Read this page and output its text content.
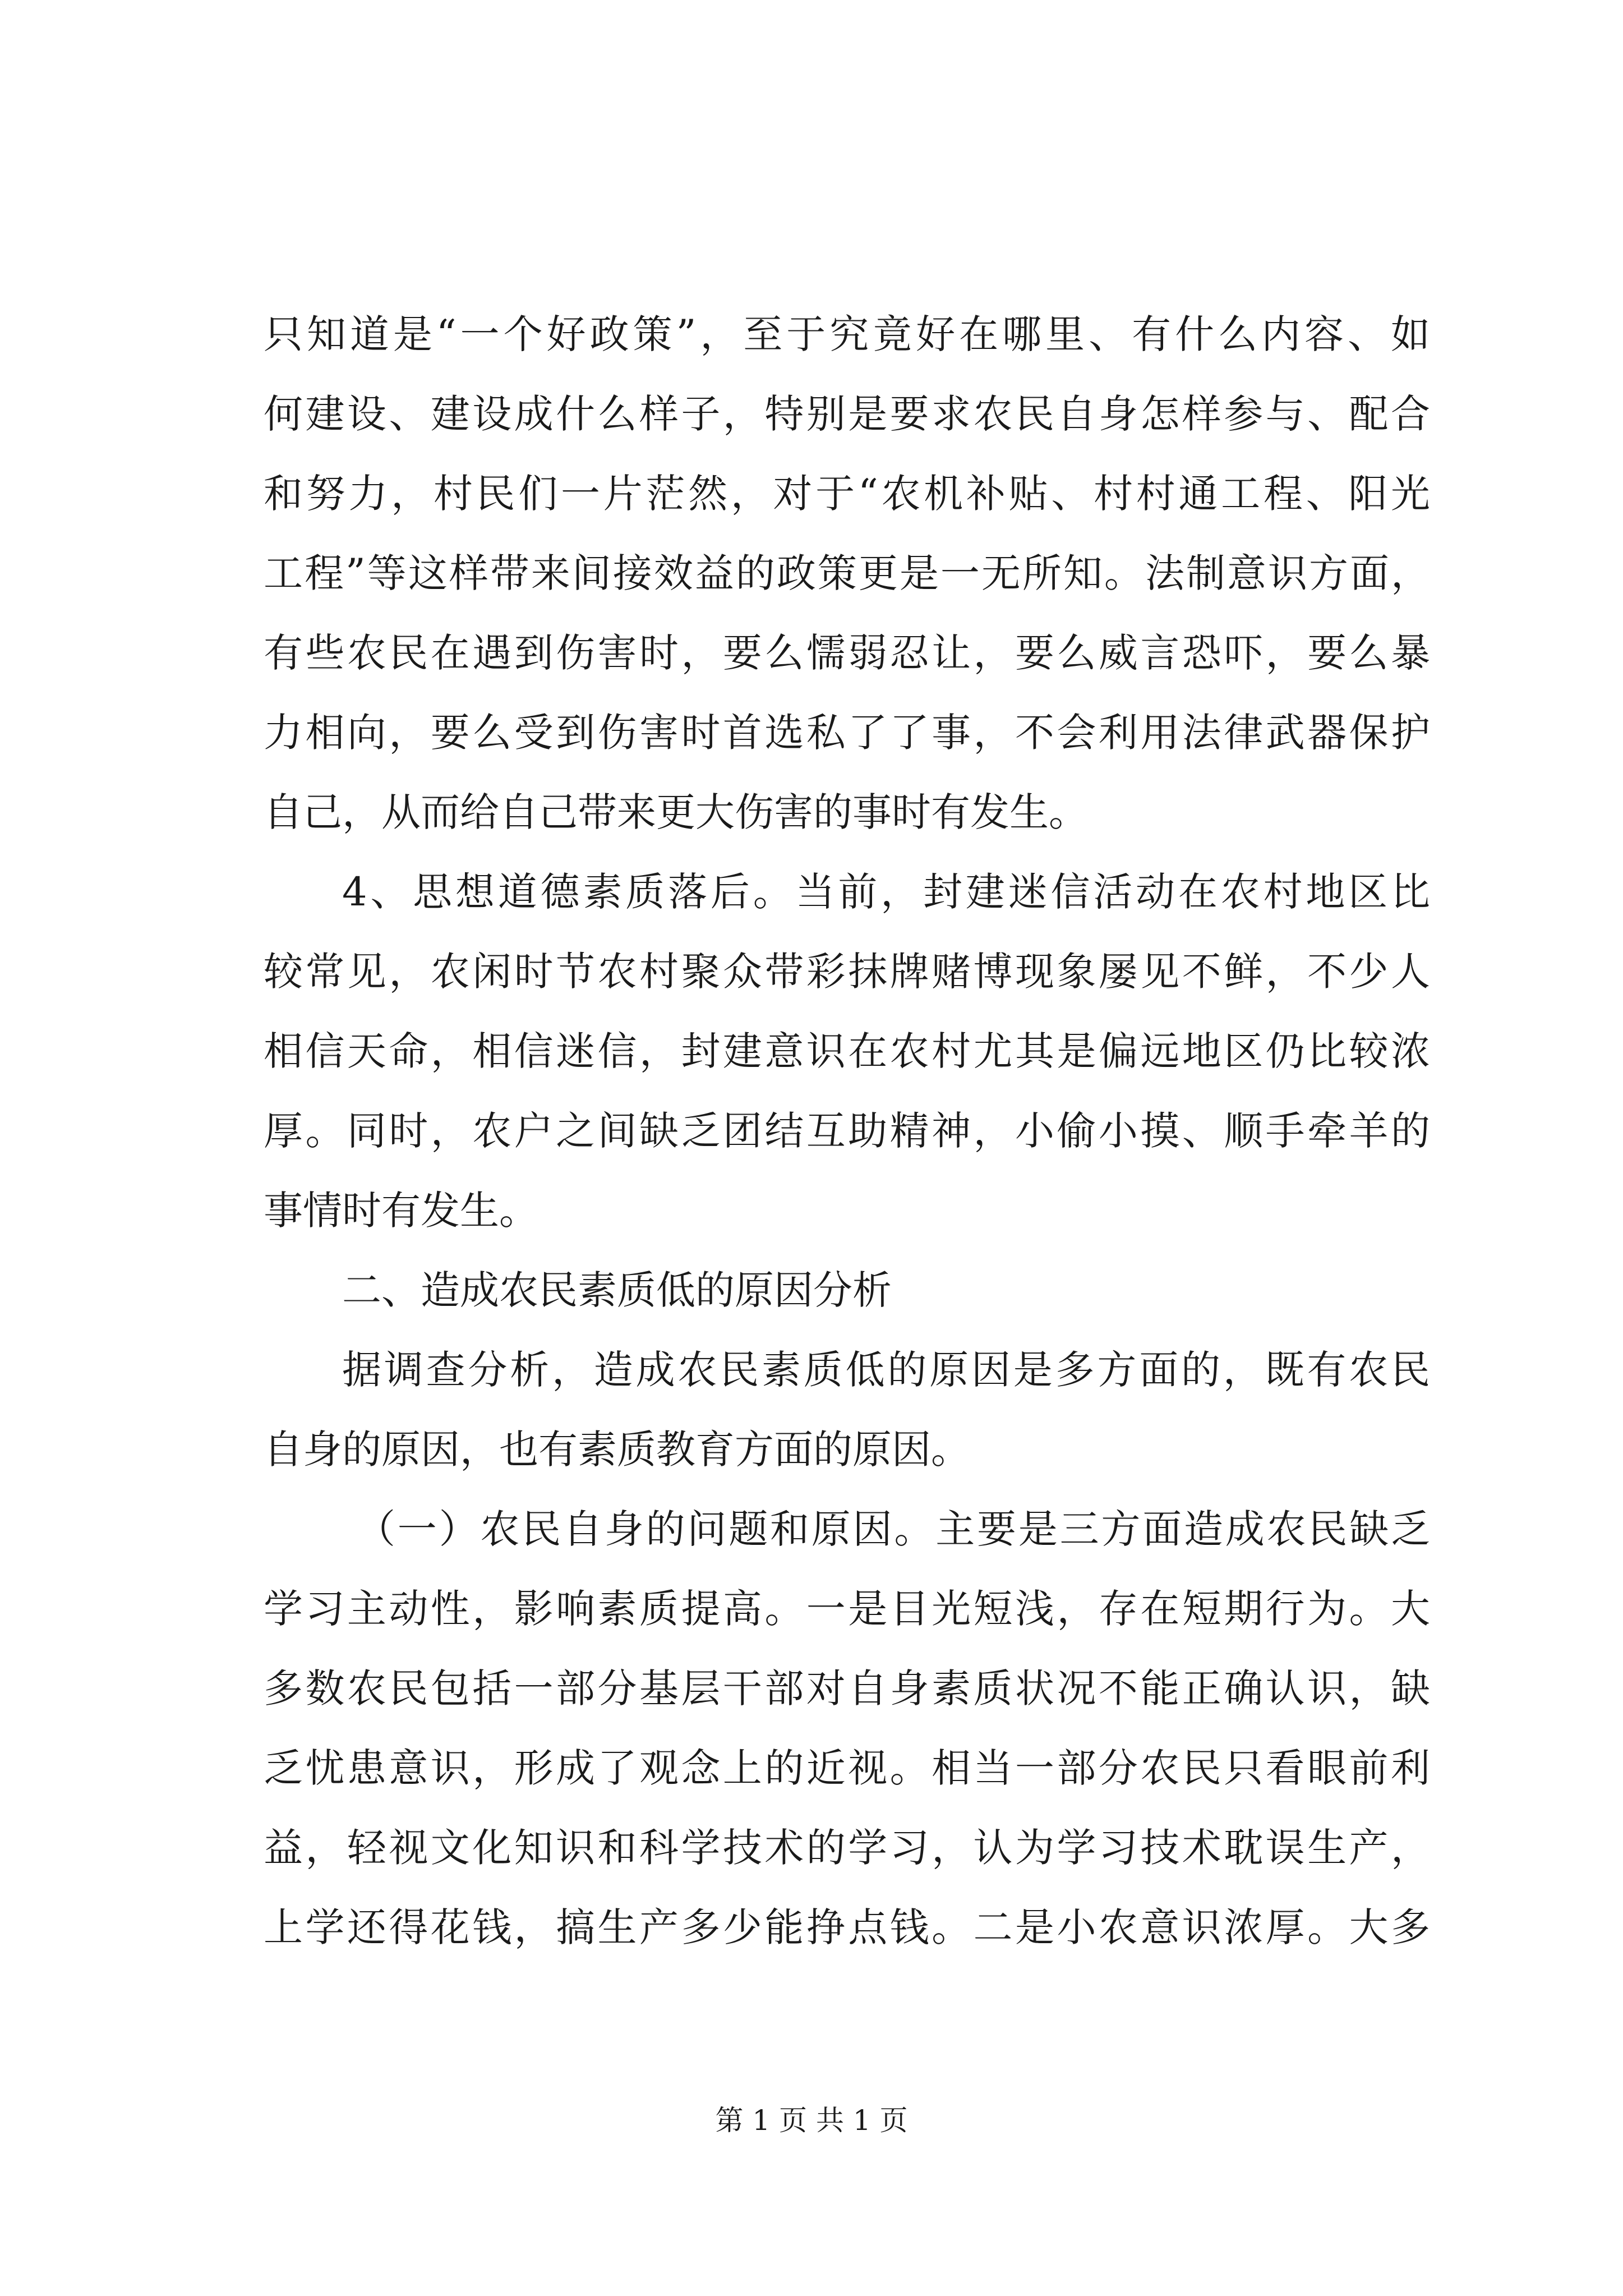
只知道是“一个好政策”，至于究竟好在哪里、有什么内容、如
何建设、建设成什么样子，特别是要求农民自身怎样参与、配合
和努力，村民们一片茫然，对于“农机补贴、村村通工程、阳光
工程”等这样带来间接效益的政策更是一无所知。法制意识方面，
有些农民在遇到伤害时，要么懦弱忍让，要么威言恐吓，要么暴
力相向，要么受到伤害时首选私了了事，不会利用法律武器保护
自己，从而给自己带来更大伤害的事时有发生。
4、思想道德素质落后。当前，封建迷信活动在农村地区比
较常见，农闲时节农村聚众带彩抹牌赌博现象屡见不鲜，不少人
相信天命，相信迷信，封建意识在农村尤其是偏远地区仍比较浓
厚。同时，农户之间缺乏团结互助精神，小偷小摸、顺手牵羊的
事情时有发生。
二、造成农民素质低的原因分析
据调查分析，造成农民素质低的原因是多方面的，既有农民
自身的原因，也有素质教育方面的原因。
（一）农民自身的问题和原因。主要是三方面造成农民缺乏
学习主动性，影响素质提高。一是目光短浅，存在短期行为。大
多数农民包括一部分基层干部对自身素质状况不能正确认识，缺
乏忧患意识，形成了观念上的近视。相当一部分农民只看眼前利
益，轻视文化知识和科学技术的学习，认为学习技术耽误生产，
上学还得花钱，搞生产多少能挣点钱。二是小农意识浓厚。大多
第 1 页 共 1 页
